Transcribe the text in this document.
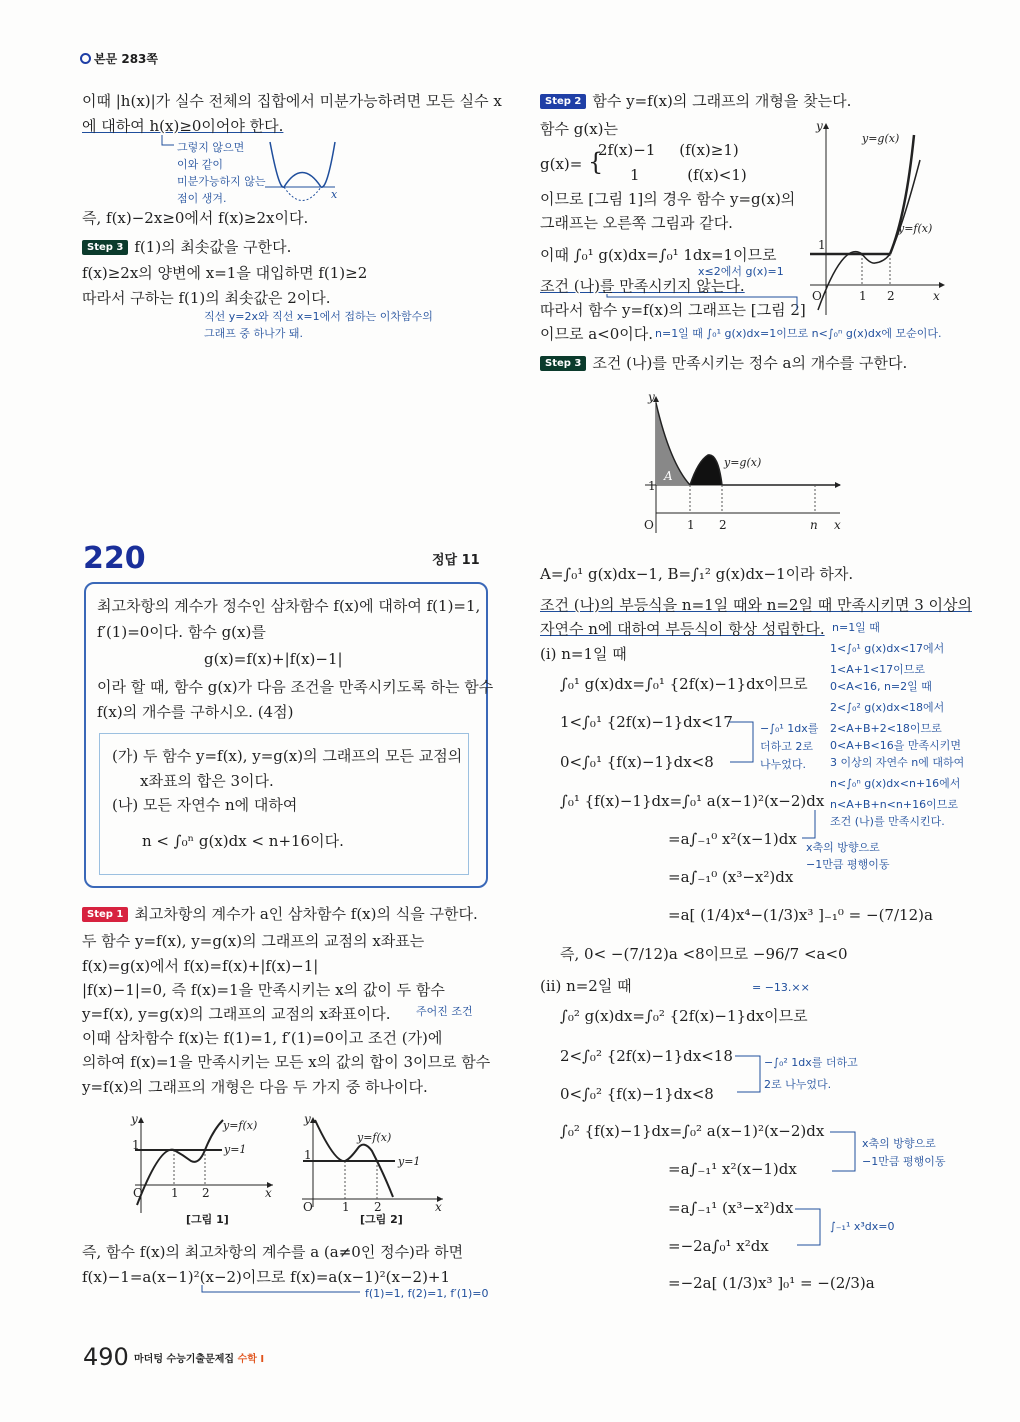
본문 283쪽
이때 |h(x)|가 실수 전체의 집합에서 미분가능하려면 모든 실수 x
에 대하여 h(x)≥0이어야 한다.
그렇지 않으면
이와 같이
미분가능하지 않는
점이 생겨.	x
즉, f(x)−2x≥0에서 f(x)≥2x이다.
Step 3 f(1)의 최솟값을 구한다.
f(x)≥2x의 양변에 x=1을 대입하면 f(1)≥2
따라서 구하는 f(1)의 최솟값은 2이다.
직선 y=2x와 직선 x=1에서 접하는 이차함수의
그래프 중 하나가 돼.
220	정답 11
최고차항의 계수가 정수인 삼차함수 f(x)에 대하여 f(1)=1,
f′(1)=0이다. 함수 g(x)를
g(x)=f(x)+|f(x)−1|
이라 할 때, 함수 g(x)가 다음 조건을 만족시키도록 하는 함수
f(x)의 개수를 구하시오. (4점)
(가) 두 함수 y=f(x), y=g(x)의 그래프의 모든 교점의
x좌표의 합은 3이다.
(나) 모든 자연수 n에 대하여
n < ∫₀ⁿ g(x)dx < n+16이다.
Step 1 최고차항의 계수가 a인 삼차함수 f(x)의 식을 구한다.
두 함수 y=f(x), y=g(x)의 그래프의 교점의 x좌표는
f(x)=g(x)에서 f(x)=f(x)+|f(x)−1|
|f(x)−1|=0, 즉 f(x)=1을 만족시키는 x의 값이 두 함수
y=f(x), y=g(x)의 그래프의 교점의 x좌표이다. 주어진 조건
이때 삼차함수 f(x)는 f(1)=1, f′(1)=0이고 조건 (가)에
의하여 f(x)=1을 만족시키는 모든 x의 값의 합이 3이므로 함수
y=f(x)의 그래프의 개형은 다음 두 가지 중 하나이다.
O 1 2	x
y
1
y=f(x)
y=1
[그림 1]
O 1 2	x
y
1
y=f(x)
y=1
[그림 2]
즉, 함수 f(x)의 최고차항의 계수를 a (a≠0인 정수)라 하면
f(x)−1=a(x−1)²(x−2)이므로 f(x)=a(x−1)²(x−2)+1
f(1)=1, f(2)=1, f′(1)=0
490 마더텅 수능기출문제집 수학 Ⅰ
Step 2 함수 y=f(x)의 그래프의 개형을 찾는다.
함수 g(x)는
g(x)= {
2f(x)−1     (f(x)≥1)
1          (f(x)<1)
이므로 [그림 1]의 경우 함수 y=g(x)의
그래프는 오른쪽 그림과 같다.
이때 ∫₀¹ g(x)dx=∫₀¹ 1dx=1이므로
x≤2에서 g(x)=1
조건 (나)를 만족시키지 않는다.
따라서 함수 y=f(x)의 그래프는 [그림 2]
이므로 a<0이다. n=1일 때 ∫₀¹ g(x)dx=1이므로 n<∫₀ⁿ g(x)dx에 모순이다.
O	1 2	x
y
1
y=g(x)
y=f(x)
Step 3 조건 (나)를 만족시키는 정수 a의 개수를 구한다.
O	1 2	n x
y
1
A
y=g(x)
A=∫₀¹ g(x)dx−1, B=∫₁² g(x)dx−1이라 하자.
조건 (나)의 부등식을 n=1일 때와 n=2일 때 만족시키면 3 이상의
자연수 n에 대하여 부등식이 항상 성립한다.
(ⅰ) n=1일 때
∫₀¹ g(x)dx=∫₀¹ {2f(x)−1}dx이므로
1<∫₀¹ {2f(x)−1}dx<17
0<∫₀¹ {f(x)−1}dx<8
∫₀¹ {f(x)−1}dx=∫₀¹ a(x−1)²(x−2)dx
=a∫₋₁⁰ x²(x−1)dx
=a∫₋₁⁰ (x³−x²)dx
=a[ (1/4)x⁴−(1/3)x³ ]₋₁⁰ = −(7/12)a
즉, 0< −(7/12)a <8이므로 −96/7 <a<0
= −13.××
(ⅱ) n=2일 때
∫₀² g(x)dx=∫₀² {2f(x)−1}dx이므로
2<∫₀² {2f(x)−1}dx<18
0<∫₀² {f(x)−1}dx<8
∫₀² {f(x)−1}dx=∫₀² a(x−1)²(x−2)dx
=a∫₋₁¹ x²(x−1)dx
=a∫₋₁¹ (x³−x²)dx
=−2a∫₀¹ x²dx
=−2a[ (1/3)x³ ]₀¹ = −(2/3)a
n=1일 때
1<∫₀¹ g(x)dx<17에서
1<A+1<17이므로
0<A<16, n=2일 때
2<∫₀² g(x)dx<18에서
2<A+B+2<18이므로
0<A+B<16을 만족시키면
3 이상의 자연수 n에 대하여
n<∫₀ⁿ g(x)dx<n+16에서
n<A+B+n<n+16이므로
조건 (나)를 만족시킨다.
−∫₀¹ 1dx를
더하고 2로
나누었다.
x축의 방향으로
−1만큼 평행이동
−∫₀² 1dx를 더하고
2로 나누었다.
x축의 방향으로
−1만큼 평행이동
∫₋₁¹ x³dx=0
